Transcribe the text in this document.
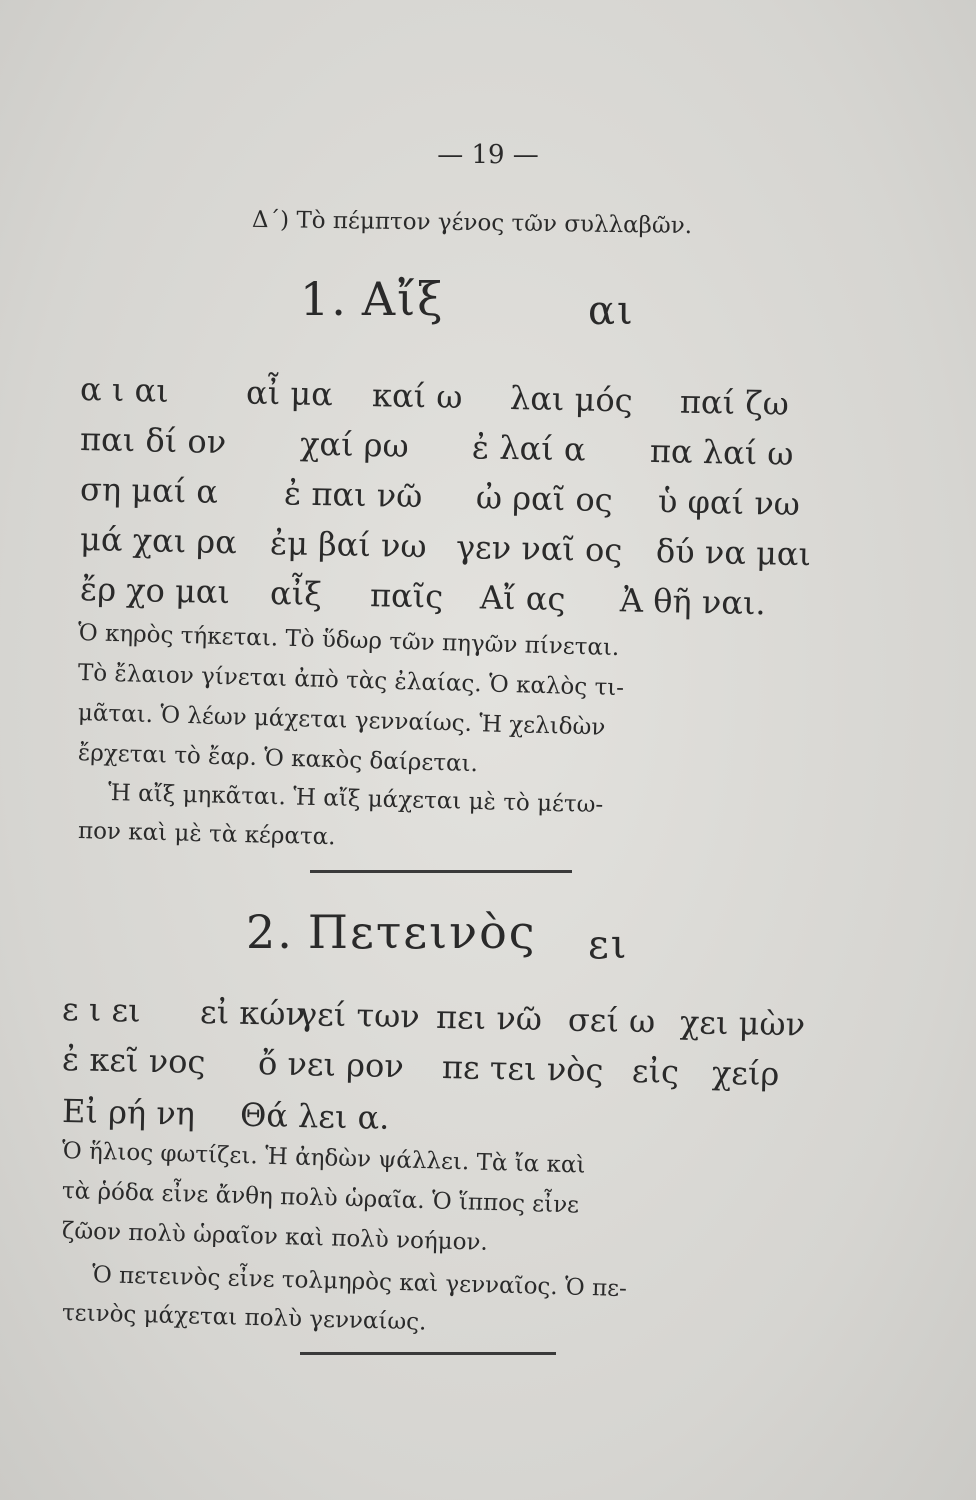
— 19 —
Δ΄) Τὸ πέμπτον γένος τῶν συλλαβῶν.
1. Αἴξ	αι
α ι αι αἶ μα καί ω λαι μός παί ζω
παι δί ον χαί ρω ἐ λαί α πα λαί ω
ση μαί α ἐ παι νῶ ὠ ραῖ ος ὑ φαί νω
μά χαι ρα ἐμ βαί νω γεν ναῖ ος δύ να μαι
ἔρ χο μαι αἶξ παῖς Αἴ ας Ἀ θῆ ναι.
Ὁ κηρὸς τήκεται. Τὸ ὕδωρ τῶν πηγῶν πίνεται.
Τὸ ἔλαιον γίνεται ἀπὸ τὰς ἐλαίας. Ὁ καλὸς τι-
μᾶται. Ὁ λέων μάχεται γενναίως. Ἡ χελιδὼν
ἔρχεται τὸ ἔαρ. Ὁ κακὸς δαίρεται.
Ἡ αἴξ μηκᾶται. Ἡ αἴξ μάχεται μὲ τὸ μέτω-
πον καὶ μὲ τὰ κέρατα.
2. Πετεινὸς ει
ε ι ει εἰ κών
γεί των πει νῶ σεί ω χει μὼν
ἐ κεῖ νος ὄ νει ρον πε τει νὸς εἰς χείρ
Εἰ ρή νη Θά λει α.
Ὁ ἥλιος φωτίζει. Ἡ ἀηδὼν ψάλλει. Τὰ ἴα καὶ
τὰ ῥόδα εἶνε ἄνθη πολὺ ὡραῖα. Ὁ ἵππος εἶνε
ζῶον πολὺ ὡραῖον καὶ πολὺ νοήμον.
Ὁ πετεινὸς εἶνε τολμηρὸς καὶ γενναῖος. Ὁ πε-
τεινὸς μάχεται πολὺ γενναίως.
